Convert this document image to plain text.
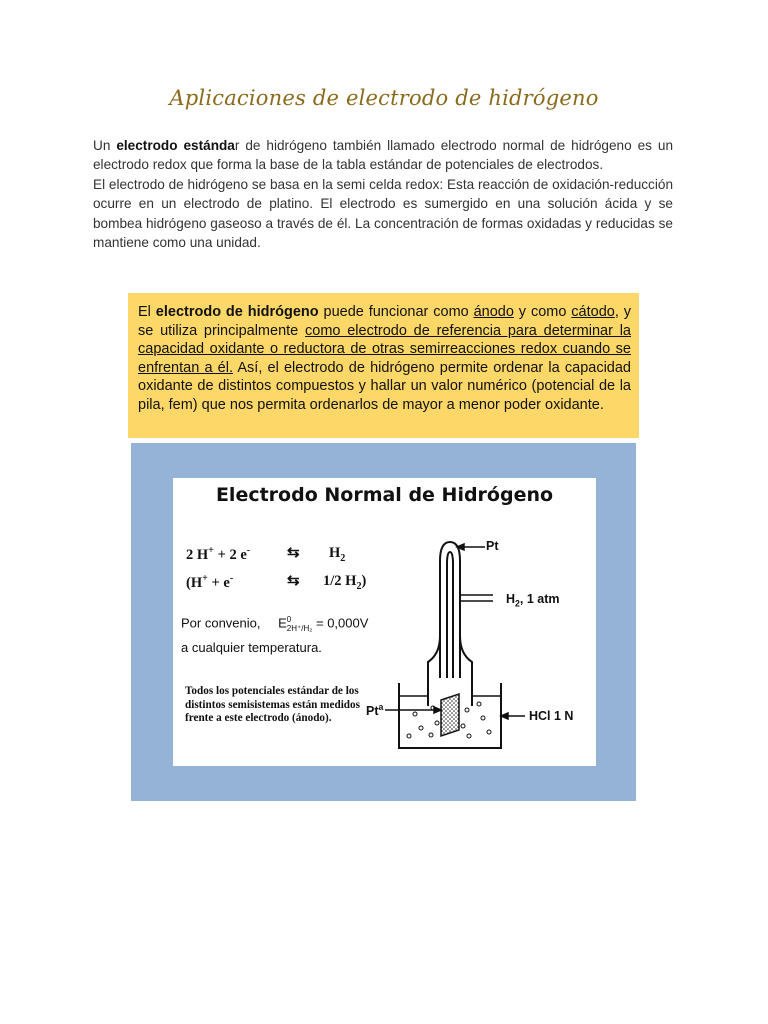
Aplicaciones de electrodo de hidrógeno

Un electrodo estándar de hidrógeno también llamado electrodo normal de hidrógeno es un electrodo redox que forma la base de la tabla estándar de potenciales de electrodos.

El electrodo de hidrógeno se basa en la semi celda redox: Esta reacción de oxidación-reducción ocurre en un electrodo de platino. El electrodo es sumergido en una solución ácida y se bombea hidrógeno gaseoso a través de él. La concentración de formas oxidadas y reducidas se mantiene como una unidad.

El electrodo de hidrógeno puede funcionar como ánodo y como cátodo, y se utiliza principalmente como electrodo de referencia para determinar la capacidad oxidante o reductora de otras semirreacciones redox cuando se enfrentan a él. Así, el electrodo de hidrógeno permite ordenar la capacidad oxidante de distintos compuestos y hallar un valor numérico (potencial de la pila, fem) que nos permita ordenarlos de mayor a menor poder oxidante.
Electrodo Normal de Hidrógeno
2 H+ + 2 e- ⇆ $H_2$
(H+ + e-	⇆ 1/2 $H_2$)
Por convenio, E 0
2H⁺/H₂ = 0,000V
a cualquier temperatura.
Todos los potenciales estándar de los distintos semisistemas están medidos frente a este electrodo (ánodo).
Pt
$H_2$, 1 atm
Pt$^a$
HCl 1 N
